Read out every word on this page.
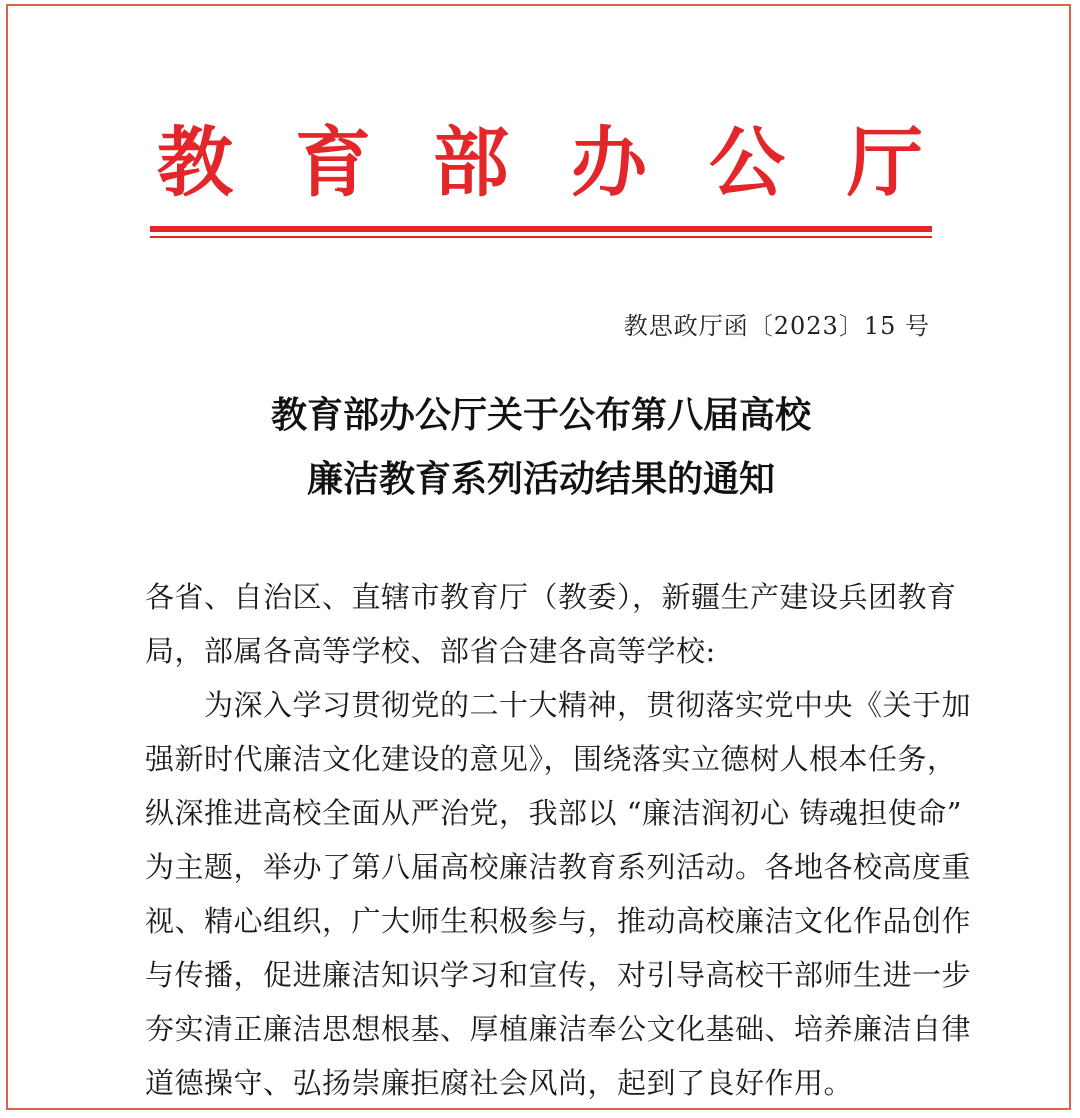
教 育 部 办 公 厅
教思政厅函〔2023〕15 号
教育部办公厅关于公布第八届高校
廉洁教育系列活动结果的通知
各省、自治区、直辖市教育厅（教委），新疆生产建设兵团教育
局，部属各高等学校、部省合建各高等学校:
　　为深入学习贯彻党的二十大精神，贯彻落实党中央《关于加
强新时代廉洁文化建设的意见》，围绕落实立德树人根本任务，
纵深推进高校全面从严治党，我部以 “廉洁润初心 铸魂担使命”
为主题，举办了第八届高校廉洁教育系列活动。各地各校高度重
视、精心组织，广大师生积极参与，推动高校廉洁文化作品创作
与传播，促进廉洁知识学习和宣传，对引导高校干部师生进一步
夯实清正廉洁思想根基、厚植廉洁奉公文化基础、培养廉洁自律
道德操守、弘扬崇廉拒腐社会风尚，起到了良好作用。
